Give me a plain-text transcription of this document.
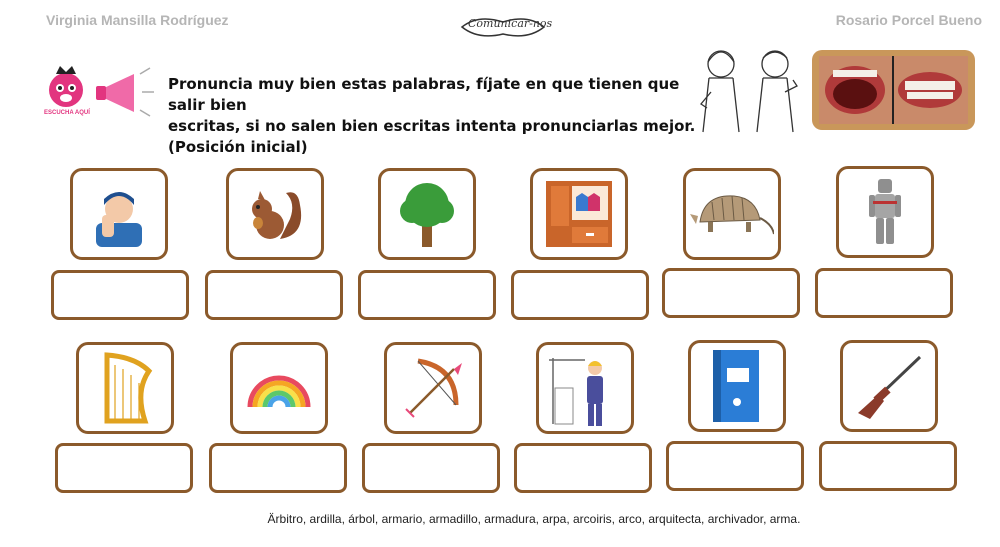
Virginia Mansilla Rodríguez	Rosario Porcel Bueno
Comunicar-nos
ESCUCHA AQUÍ
Pronuncia muy bien estas palabras, fíjate en que tienen que salir bien
escritas, si no salen bien escritas intenta pronunciarlas mejor.
(Posición inicial)
Ärbitro, ardilla, árbol, armario, armadillo, armadura, arpa, arcoiris, arco, arquitecta, archivador, arma.
